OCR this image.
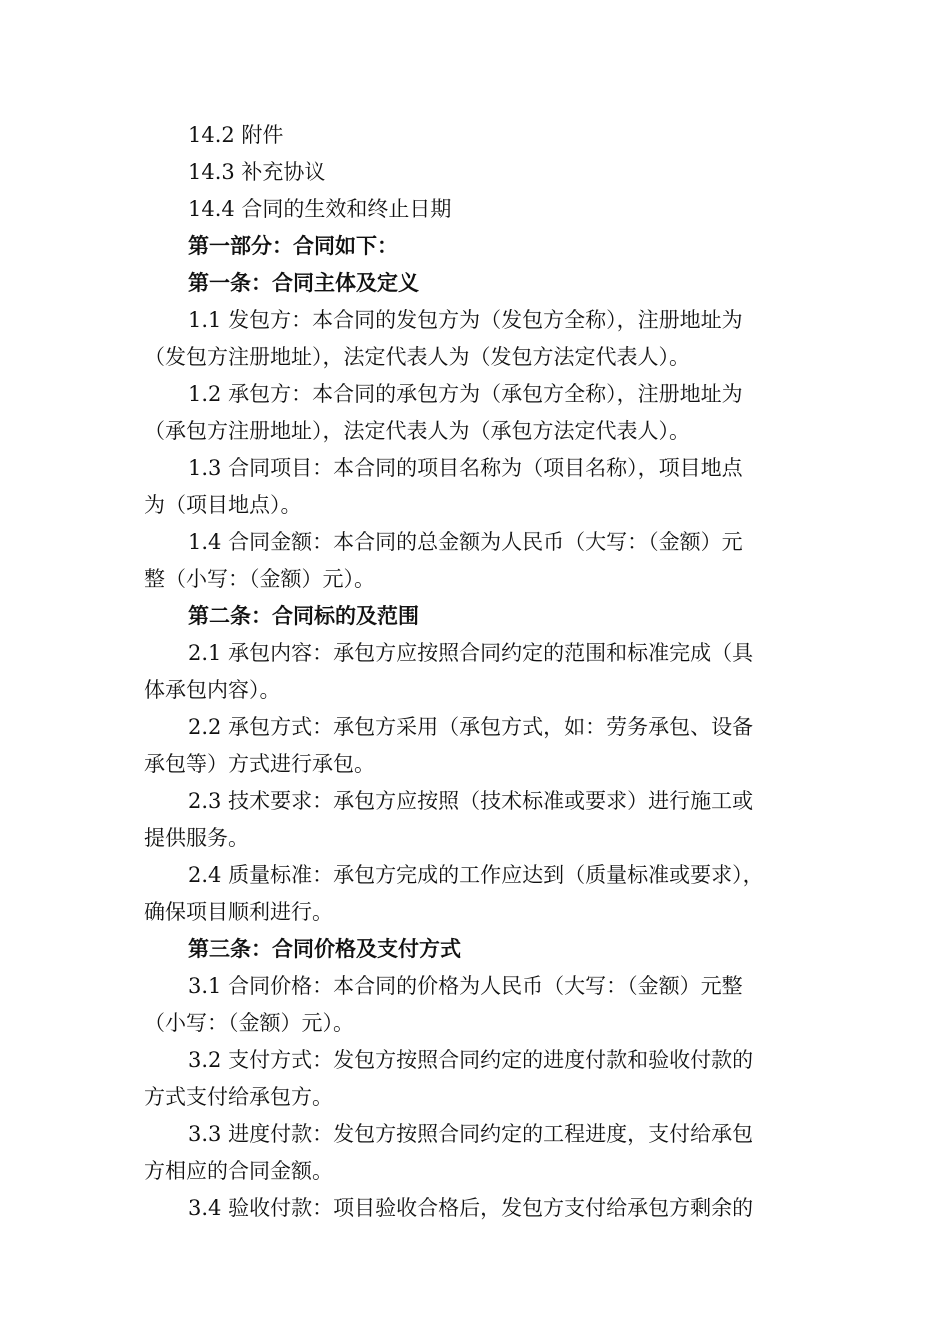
14.2 附件
14.3 补充协议
14.4 合同的生效和终止日期
第一部分：合同如下：
第一条：合同主体及定义
1.1 发包方：本合同的发包方为（发包方全称），注册地址为
（发包方注册地址），法定代表人为（发包方法定代表人）。
1.2 承包方：本合同的承包方为（承包方全称），注册地址为
（承包方注册地址），法定代表人为（承包方法定代表人）。
1.3 合同项目：本合同的项目名称为（项目名称），项目地点
为（项目地点）。
1.4 合同金额：本合同的总金额为人民币（大写：（金额）元
整（小写：（金额）元）。
第二条：合同标的及范围
2.1 承包内容：承包方应按照合同约定的范围和标准完成（具
体承包内容）。
2.2 承包方式：承包方采用（承包方式，如：劳务承包、设备
承包等）方式进行承包。
2.3 技术要求：承包方应按照（技术标准或要求）进行施工或
提供服务。
2.4 质量标准：承包方完成的工作应达到（质量标准或要求），
确保项目顺利进行。
第三条：合同价格及支付方式
3.1 合同价格：本合同的价格为人民币（大写：（金额）元整
（小写：（金额）元）。
3.2 支付方式：发包方按照合同约定的进度付款和验收付款的
方式支付给承包方。
3.3 进度付款：发包方按照合同约定的工程进度，支付给承包
方相应的合同金额。
3.4 验收付款：项目验收合格后，发包方支付给承包方剩余的
